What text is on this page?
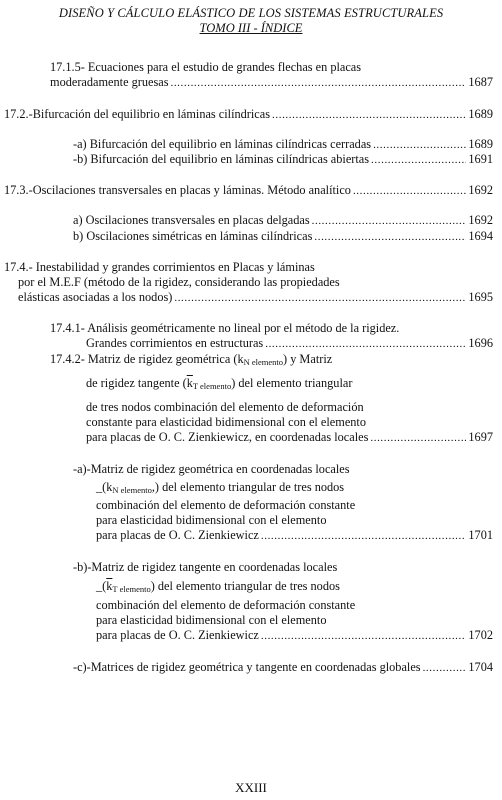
DISEÑO Y CÁLCULO ELÁSTICO DE LOS SISTEMAS ESTRUCTURALES
TOMO III - ÍNDICE
17.1.5- Ecuaciones para el estudio de grandes flechas en placas
moderadamente gruesas .....	1687
17.2.-Bifurcación del equilibrio en láminas cilíndricas .....	1689
-a) Bifurcación del equilibrio en láminas cilíndricas cerradas .....	1689
-b) Bifurcación del equilibrio en láminas cilíndricas abiertas .....	1691
17.3.-Oscilaciones transversales en placas y láminas. Método analítico .....	1692
a) Oscilaciones transversales en placas delgadas .....	1692
b) Oscilaciones simétricas en láminas cilíndricas .....	1694
17.4.- Inestabilidad y grandes corrimientos en Placas y láminas
por el M.E.F (método de la rigidez, considerando las propiedades
elásticas asociadas a los nodos) .....	1695
17.4.1- Análisis geométricamente no lineal por el método de la rigidez.
Grandes corrimientos en estructuras .....	1696
17.4.2- Matriz de rigidez geométrica $(k_{N elemento})$ y Matriz
de rigidez tangente $(\overline{k}_{T elemento})$ del elemento triangular
de tres nodos combinación del elemento de deformación
constante para elasticidad bidimensional con el elemento
para placas de O. C. Zienkiewicz, en coordenadas locales .....	1697
-a)-Matriz de rigidez geométrica en coordenadas locales
$\_(k_{N elemento},)$ del elemento triangular de tres nodos
combinación del elemento de deformación constante
para elasticidad bidimensional con el elemento
para placas de O. C. Zienkiewicz .....	1701
-b)-Matriz de rigidez tangente en coordenadas locales
$\_(\overline{k}_{T elemento})$ del elemento triangular de tres nodos
combinación del elemento de deformación constante
para elasticidad bidimensional con el elemento
para placas de O. C. Zienkiewicz .....	1702
-c)-Matrices de rigidez geométrica y tangente en coordenadas globales .....	1704
XXIII
